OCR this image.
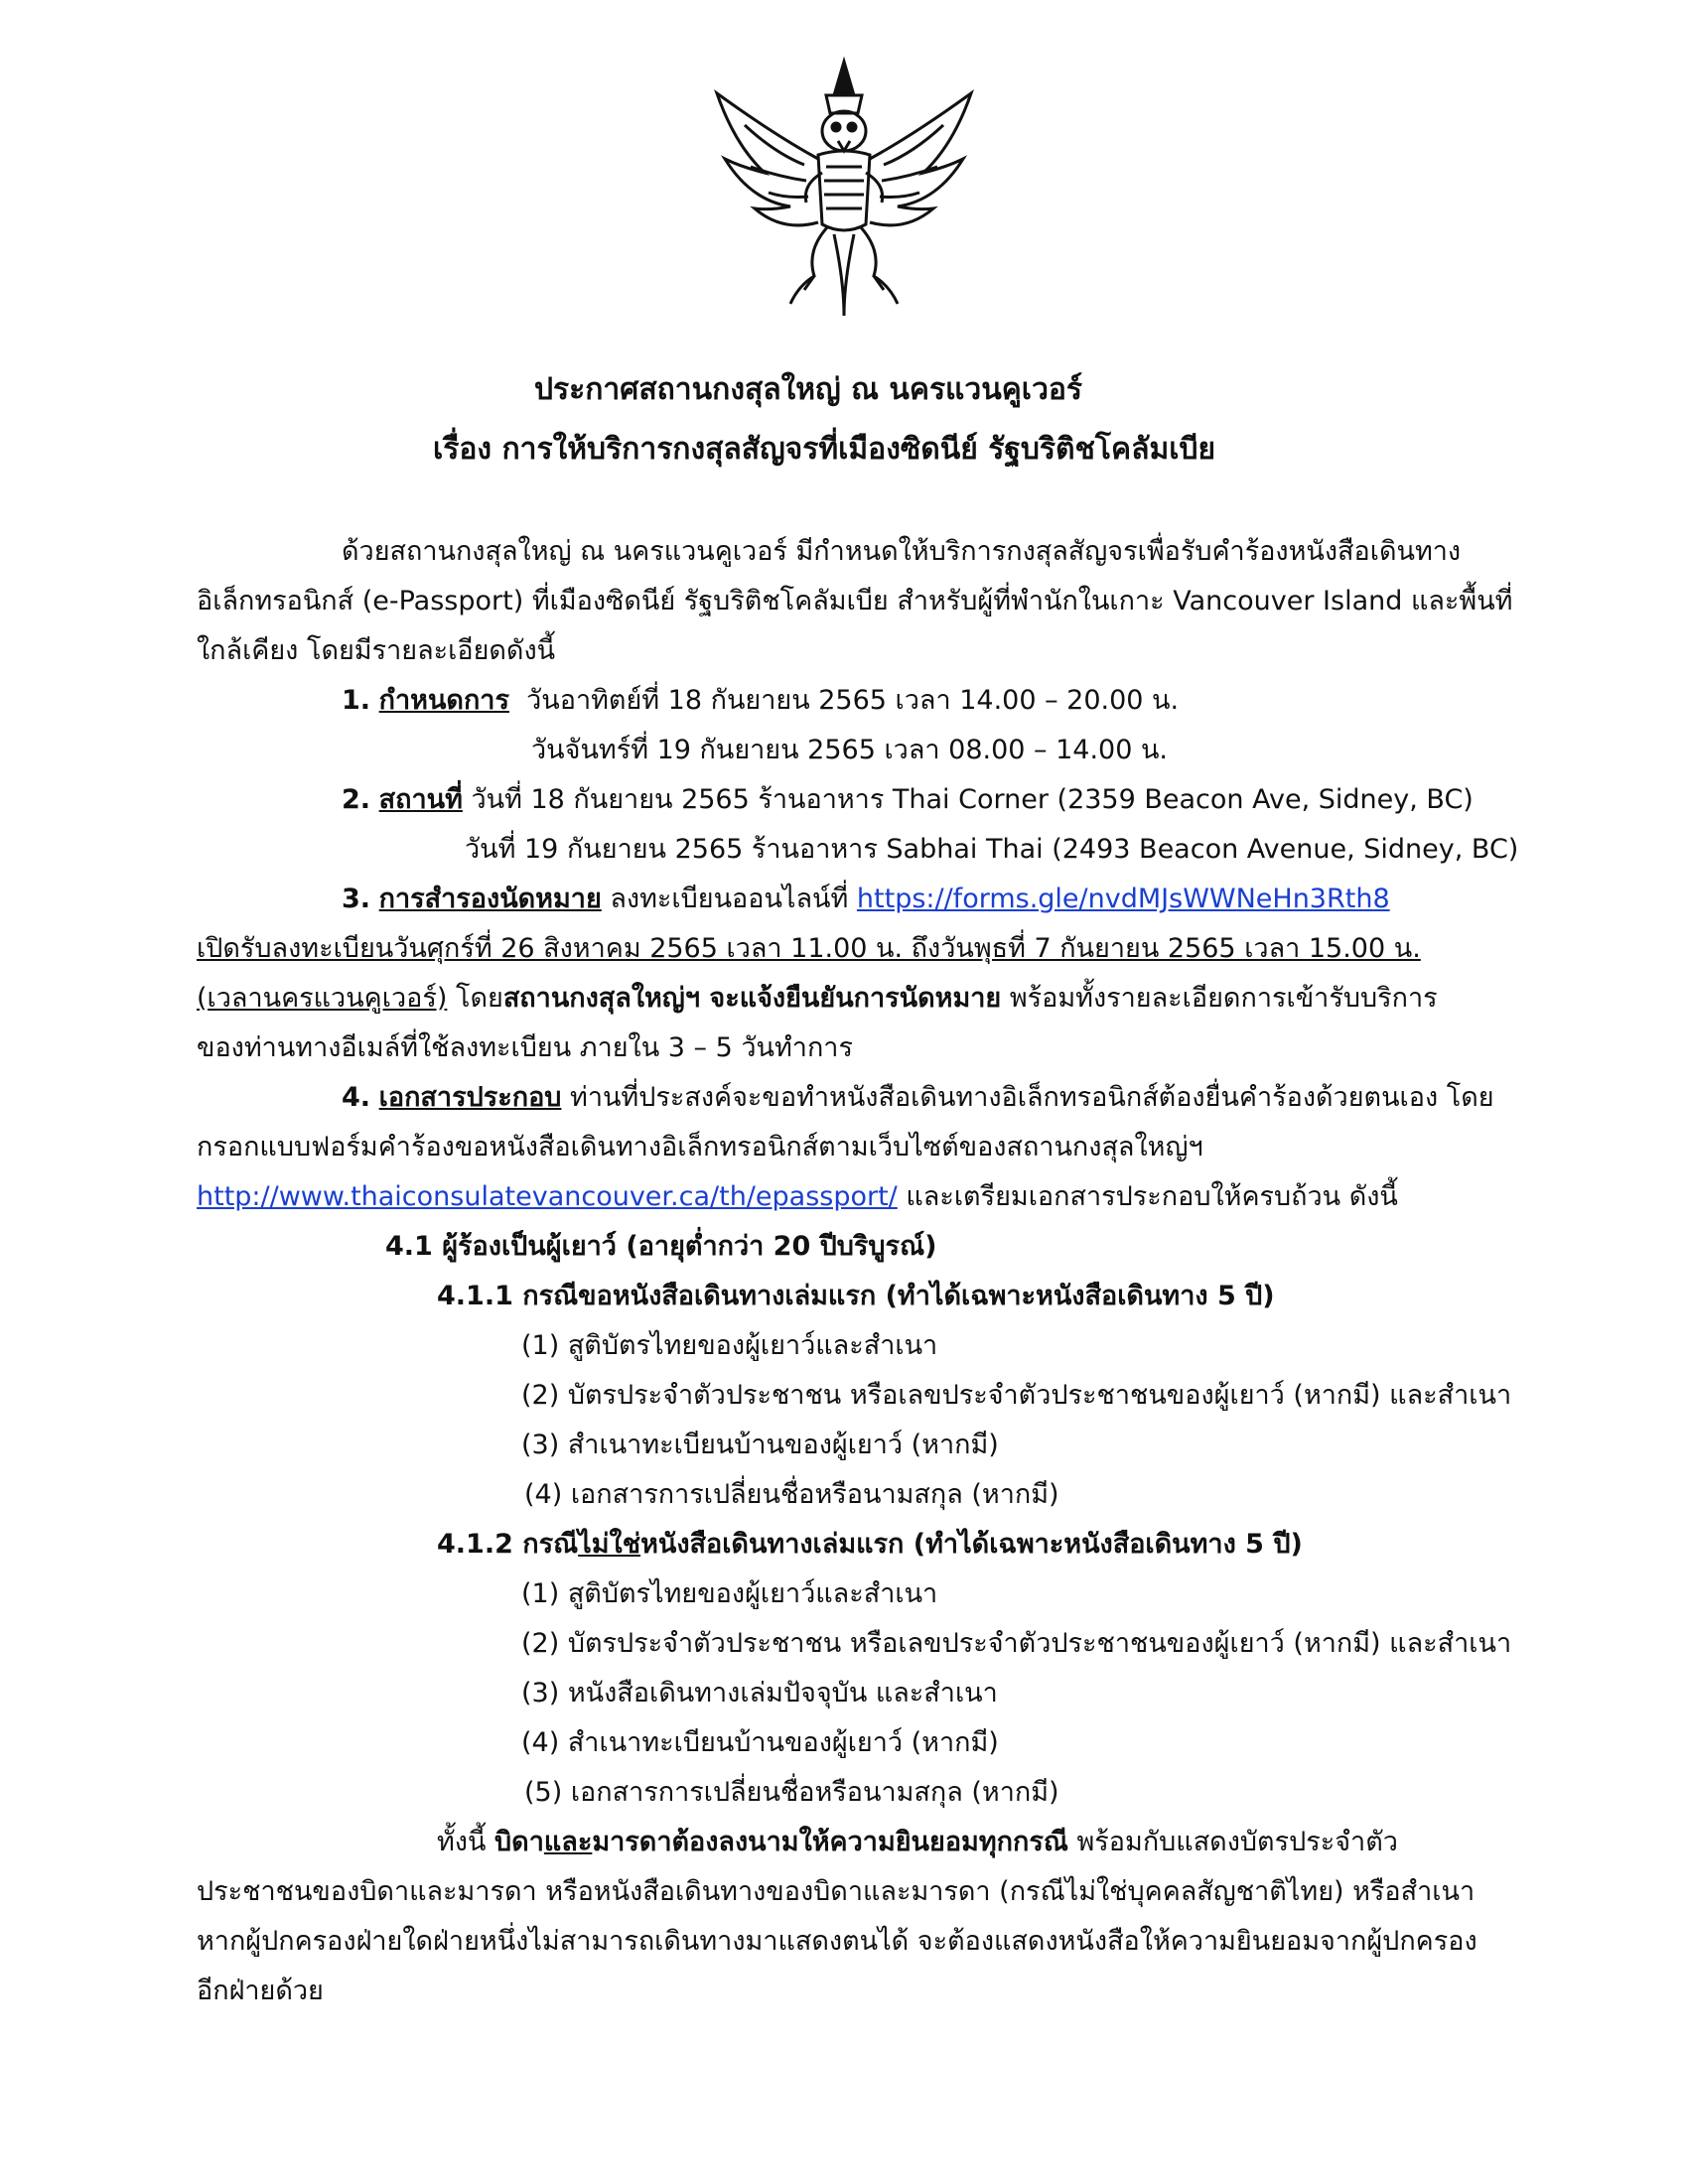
ประกาศสถานกงสุลใหญ่ ณ นครแวนคูเวอร์
เรื่อง การให้บริการกงสุลสัญจรที่เมืองซิดนีย์ รัฐบริติชโคลัมเบีย
ด้วยสถานกงสุลใหญ่ ณ นครแวนคูเวอร์ มีกำหนดให้บริการกงสุลสัญจรเพื่อรับคำร้องหนังสือเดินทาง
อิเล็กทรอนิกส์ (e-Passport) ที่เมืองซิดนีย์ รัฐบริติชโคลัมเบีย สำหรับผู้ที่พำนักในเกาะ Vancouver Island และพื้นที่
ใกล้เคียง โดยมีรายละเอียดดังนี้
1. กำหนดการ วันอาทิตย์ที่ 18 กันยายน 2565 เวลา 14.00 – 20.00 น.
วันจันทร์ที่ 19 กันยายน 2565 เวลา 08.00 – 14.00 น.
2. สถานที่ วันที่ 18 กันยายน 2565 ร้านอาหาร Thai Corner (2359 Beacon Ave, Sidney, BC)
วันที่ 19 กันยายน 2565 ร้านอาหาร Sabhai Thai (2493 Beacon Avenue, Sidney, BC)
3. การสำรองนัดหมาย ลงทะเบียนออนไลน์ที่ https://forms.gle/nvdMJsWWNeHn3Rth8
เปิดรับลงทะเบียนวันศุกร์ที่ 26 สิงหาคม 2565 เวลา 11.00 น. ถึงวันพุธที่ 7 กันยายน 2565 เวลา 15.00 น.
(เวลานครแวนคูเวอร์) โดยสถานกงสุลใหญ่ฯ จะแจ้งยืนยันการนัดหมาย พร้อมทั้งรายละเอียดการเข้ารับบริการ
ของท่านทางอีเมล์ที่ใช้ลงทะเบียน ภายใน 3 – 5 วันทำการ
4. เอกสารประกอบ ท่านที่ประสงค์จะขอทำหนังสือเดินทางอิเล็กทรอนิกส์ต้องยื่นคำร้องด้วยตนเอง โดย
กรอกแบบฟอร์มคำร้องขอหนังสือเดินทางอิเล็กทรอนิกส์ตามเว็บไซต์ของสถานกงสุลใหญ่ฯ
http://www.thaiconsulatevancouver.ca/th/epassport/ และเตรียมเอกสารประกอบให้ครบถ้วน ดังนี้
4.1 ผู้ร้องเป็นผู้เยาว์ (อายุต่ำกว่า 20 ปีบริบูรณ์)
4.1.1 กรณีขอหนังสือเดินทางเล่มแรก (ทำได้เฉพาะหนังสือเดินทาง 5 ปี)
(1) สูติบัตรไทยของผู้เยาว์และสำเนา
(2) บัตรประจำตัวประชาชน หรือเลขประจำตัวประชาชนของผู้เยาว์ (หากมี) และสำเนา
(3) สำเนาทะเบียนบ้านของผู้เยาว์ (หากมี)
(4) เอกสารการเปลี่ยนชื่อหรือนามสกุล (หากมี)
4.1.2 กรณีไม่ใช่หนังสือเดินทางเล่มแรก (ทำได้เฉพาะหนังสือเดินทาง 5 ปี)
(1) สูติบัตรไทยของผู้เยาว์และสำเนา
(2) บัตรประจำตัวประชาชน หรือเลขประจำตัวประชาชนของผู้เยาว์ (หากมี) และสำเนา
(3) หนังสือเดินทางเล่มปัจจุบัน และสำเนา
(4) สำเนาทะเบียนบ้านของผู้เยาว์ (หากมี)
(5) เอกสารการเปลี่ยนชื่อหรือนามสกุล (หากมี)
ทั้งนี้ บิดาและมารดาต้องลงนามให้ความยินยอมทุกกรณี พร้อมกับแสดงบัตรประจำตัว
ประชาชนของบิดาและมารดา หรือหนังสือเดินทางของบิดาและมารดา (กรณีไม่ใช่บุคคลสัญชาติไทย) หรือสำเนา
หากผู้ปกครองฝ่ายใดฝ่ายหนึ่งไม่สามารถเดินทางมาแสดงตนได้ จะต้องแสดงหนังสือให้ความยินยอมจากผู้ปกครอง
อีกฝ่ายด้วย
